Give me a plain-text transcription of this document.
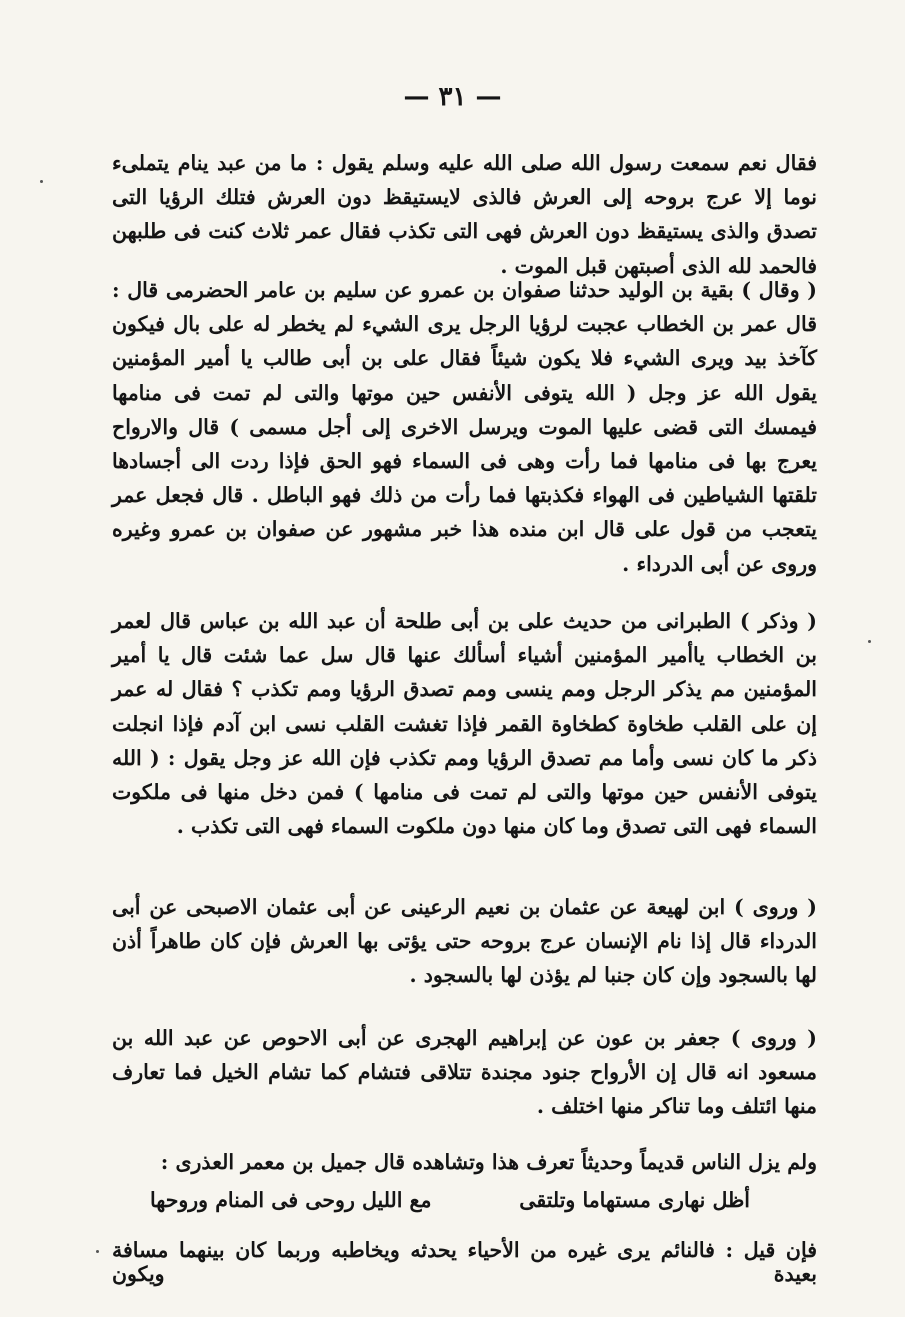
— ٣١ —

فقال نعم سمعت رسول الله صلى الله عليه وسلم يقول : ما من عبد ينام يتملىء نوما إلا عرج بروحه إلى العرش فالذى لايستيقظ دون العرش فتلك الرؤيا التى تصدق والذى يستيقظ دون العرش فهى التى تكذب فقال عمر ثلاث كنت فى طلبهن فالحمد لله الذى أصبتهن قبل الموت .

( وقال ) بقية بن الوليد حدثنا صفوان بن عمرو عن سليم بن عامر الحضرمى قال : قال عمر بن الخطاب عجبت لرؤيا الرجل يرى الشيء لم يخطر له على بال فيكون كآخذ بيد ويرى الشيء فلا يكون شيئاً فقال على بن أبى طالب يا أمير المؤمنين يقول الله عز وجل ( الله يتوفى الأنفس حين موتها والتى لم تمت فى منامها فيمسك التى قضى عليها الموت ويرسل الاخرى إلى أجل مسمى ) قال والارواح يعرج بها فى منامها فما رأت وهى فى السماء فهو الحق فإذا ردت الى أجسادها تلقتها الشياطين فى الهواء فكذبتها فما رأت من ذلك فهو الباطل . قال فجعل عمر يتعجب من قول على قال ابن منده هذا خبر مشهور عن صفوان بن عمرو وغيره وروى عن أبى الدرداء .

( وذكر ) الطبرانى من حديث على بن أبى طلحة أن عبد الله بن عباس قال لعمر بن الخطاب ياأمير المؤمنين أشياء أسألك عنها قال سل عما شئت قال يا أمير المؤمنين مم يذكر الرجل ومم ينسى ومم تصدق الرؤيا ومم تكذب ؟ فقال له عمر إن على القلب طخاوة كطخاوة القمر فإذا تغشت القلب نسى ابن آدم فإذا انجلت ذكر ما كان نسى وأما مم تصدق الرؤيا ومم تكذب فإن الله عز وجل يقول : ( الله يتوفى الأنفس حين موتها والتى لم تمت فى منامها ) فمن دخل منها فى ملكوت السماء فهى التى تصدق وما كان منها دون ملكوت السماء فهى التى تكذب .

( وروى ) ابن لهيعة عن عثمان بن نعيم الرعينى عن أبى عثمان الاصبحى عن أبى الدرداء قال إذا نام الإنسان عرج بروحه حتى يؤتى بها العرش فإن كان طاهراً أذن لها بالسجود وإن كان جنبا لم يؤذن لها بالسجود .

( وروى ) جعفر بن عون عن إبراهيم الهجرى عن أبى الاحوص عن عبد الله بن مسعود انه قال إن الأرواح جنود مجندة تتلاقى فتشام كما تشام الخيل فما تعارف منها ائتلف وما تناكر منها اختلف .

ولم يزل الناس قديماً وحديثاً تعرف هذا وتشاهده قال جميل بن معمر العذرى :
أظل نهارى مستهاما وتلتقى
مع الليل روحى فى المنام وروحها
فإن قيل : فالنائم يرى غيره من الأحياء يحدثه ويخاطبه وربما كان بينهما مسافة بعيدة ويكون
